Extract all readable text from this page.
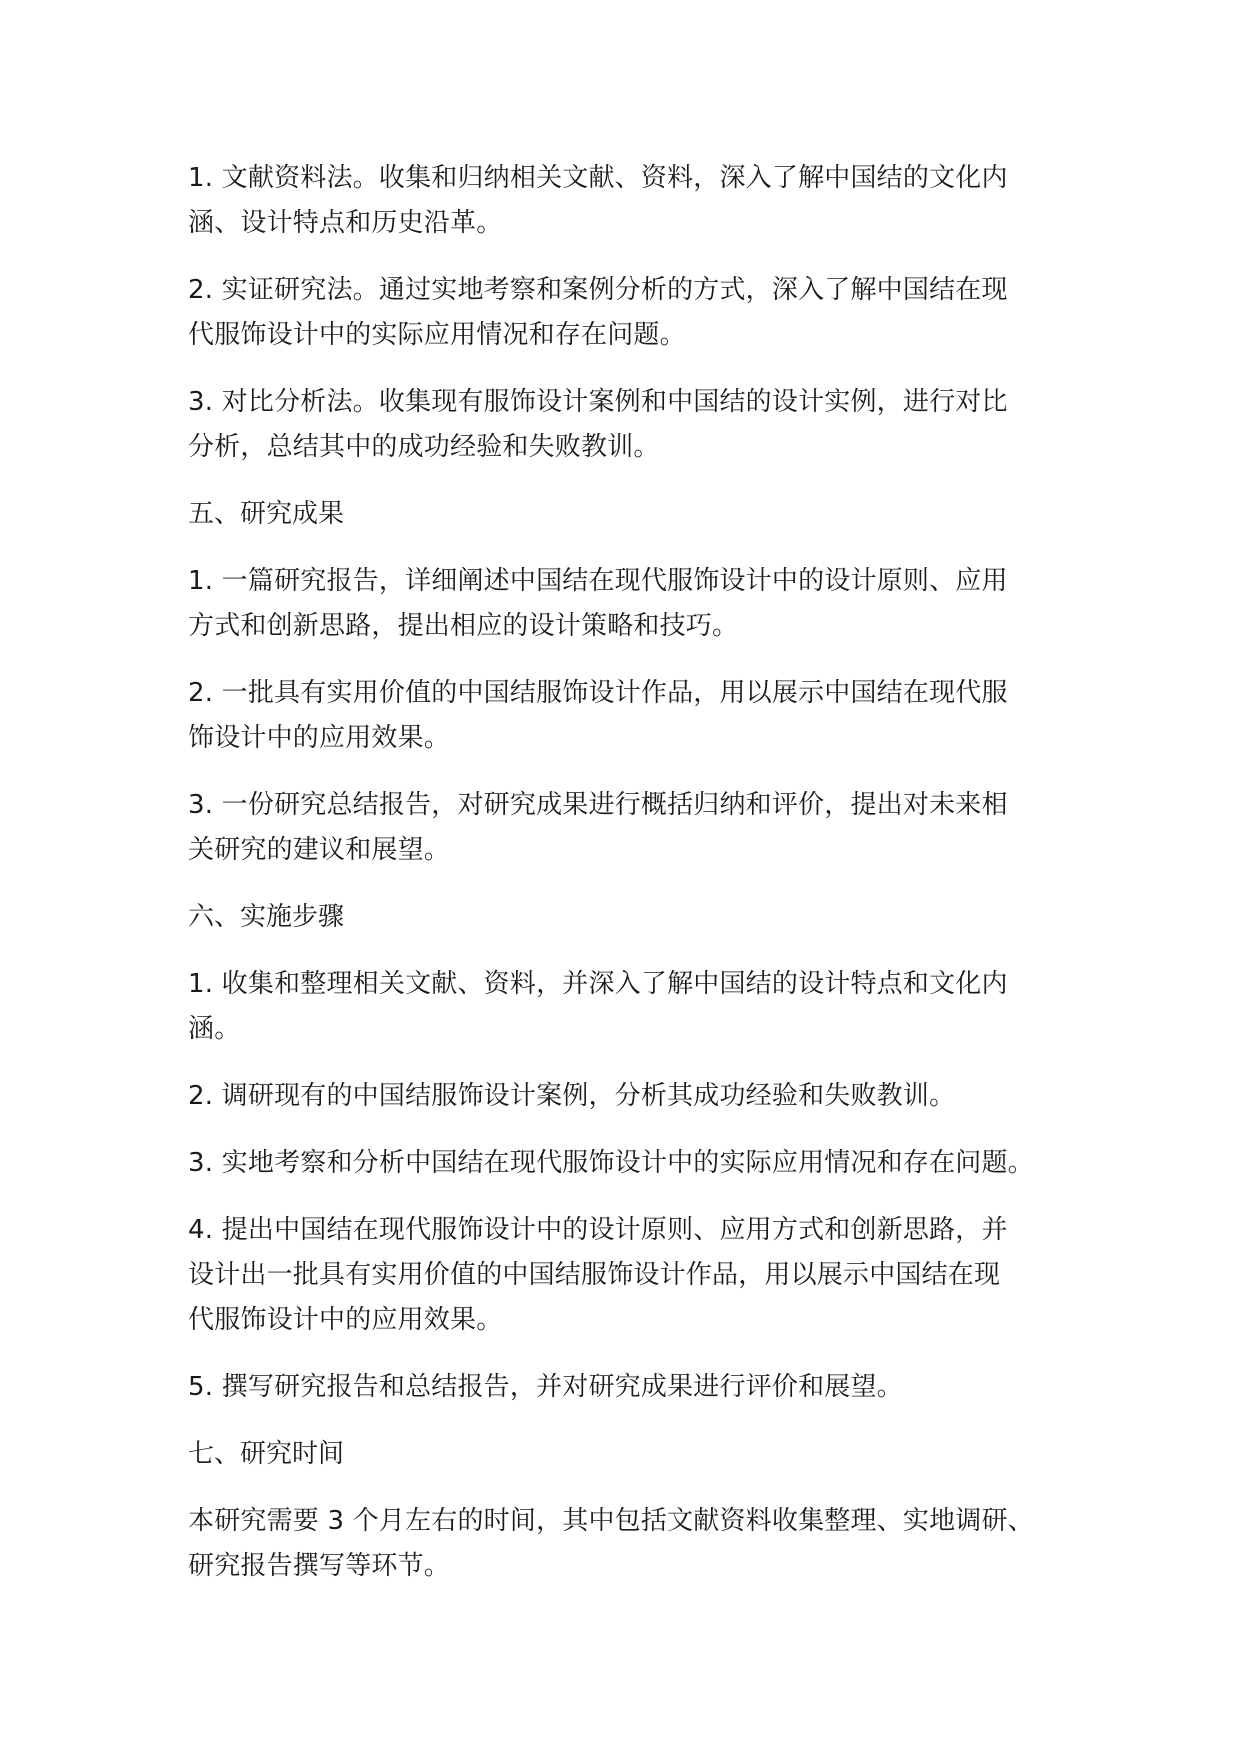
1. 文献资料法。收集和归纳相关文献、资料，深入了解中国结的文化内
涵、设计特点和历史沿革。

2. 实证研究法。通过实地考察和案例分析的方式，深入了解中国结在现
代服饰设计中的实际应用情况和存在问题。

3. 对比分析法。收集现有服饰设计案例和中国结的设计实例，进行对比
分析，总结其中的成功经验和失败教训。

五、研究成果

1. 一篇研究报告，详细阐述中国结在现代服饰设计中的设计原则、应用
方式和创新思路，提出相应的设计策略和技巧。

2. 一批具有实用价值的中国结服饰设计作品，用以展示中国结在现代服
饰设计中的应用效果。

3. 一份研究总结报告，对研究成果进行概括归纳和评价，提出对未来相
关研究的建议和展望。

六、实施步骤

1. 收集和整理相关文献、资料，并深入了解中国结的设计特点和文化内
涵。

2. 调研现有的中国结服饰设计案例，分析其成功经验和失败教训。

3. 实地考察和分析中国结在现代服饰设计中的实际应用情况和存在问题。

4. 提出中国结在现代服饰设计中的设计原则、应用方式和创新思路，并
设计出一批具有实用价值的中国结服饰设计作品，用以展示中国结在现
代服饰设计中的应用效果。

5. 撰写研究报告和总结报告，并对研究成果进行评价和展望。

七、研究时间

本研究需要 3 个月左右的时间，其中包括文献资料收集整理、实地调研、
研究报告撰写等环节。
